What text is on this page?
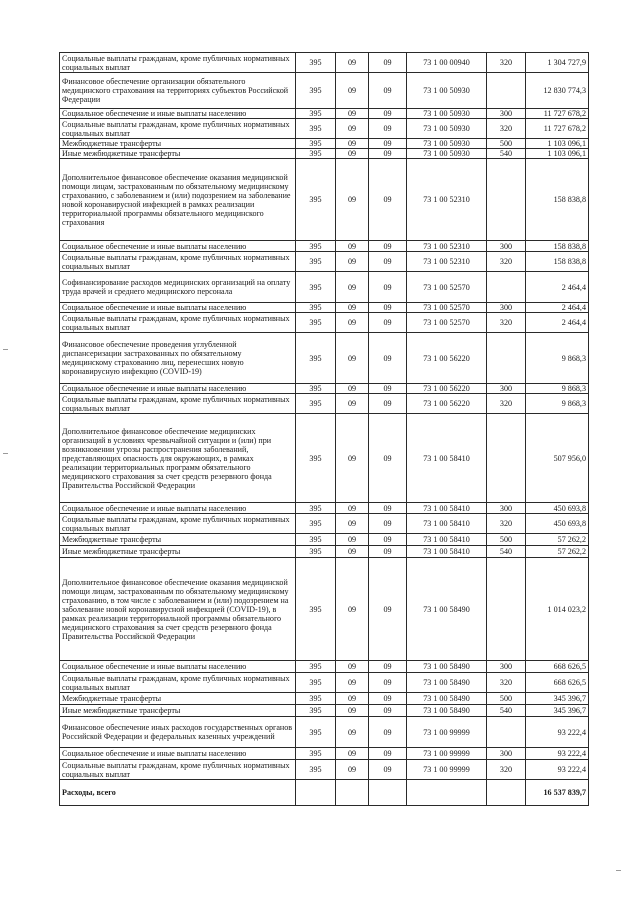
Социальные выплаты гражданам, кроме публичных нормативных социальных выплат	395	09	09	73 1 00 00940	320	1 304 727,9
Финансовое обеспечение организации обязательного медицинского страхования на территориях субъектов Российской Федерации	395	09	09	73 1 00 50930		12 830 774,3
Социальное обеспечение и иные выплаты населению	395	09	09	73 1 00 50930	300	11 727 678,2
Социальные выплаты гражданам, кроме публичных нормативных социальных выплат	395	09	09	73 1 00 50930	320	11 727 678,2
Межбюджетные трансферты	395	09	09	73 1 00 50930	500	1 103 096,1
Иные межбюджетные трансферты	395	09	09	73 1 00 50930	540	1 103 096,1
Дополнительное финансовое обеспечение оказания медицинской помощи лицам, застрахованным по обязательному медицинскому страхованию, с заболеванием и (или) подозрением на заболевание новой коронавирусной инфекцией в рамках реализации территориальной программы обязательного медицинского страхования	395	09	09	73 1 00 52310		158 838,8
Социальное обеспечение и иные выплаты населению	395	09	09	73 1 00 52310	300	158 838,8
Социальные выплаты гражданам, кроме публичных нормативных социальных выплат	395	09	09	73 1 00 52310	320	158 838,8
Софинансирование расходов медицинских организаций на оплату труда врачей и среднего медицинского персонала	395	09	09	73 1 00 52570		2 464,4
Социальное обеспечение и иные выплаты населению	395	09	09	73 1 00 52570	300	2 464,4
Социальные выплаты гражданам, кроме публичных нормативных социальных выплат	395	09	09	73 1 00 52570	320	2 464,4
Финансовое обеспечение проведения углубленной диспансеризации застрахованных по обязательному медицинскому страхованию лиц, перенесших новую коронавирусную инфекцию (COVID-19)	395	09	09	73 1 00 56220		9 868,3
Социальное обеспечение и иные выплаты населению	395	09	09	73 1 00 56220	300	9 868,3
Социальные выплаты гражданам, кроме публичных нормативных социальных выплат	395	09	09	73 1 00 56220	320	9 868,3
Дополнительное финансовое обеспечение медицинских организаций в условиях чрезвычайной ситуации и (или) при возникновении угрозы распространения заболеваний, представляющих опасность для окружающих, в рамках реализации территориальных программ обязательного медицинского страхования за счет средств резервного фонда Правительства Российской Федерации	395	09	09	73 1 00 58410		507 956,0
Социальное обеспечение и иные выплаты населению	395	09	09	73 1 00 58410	300	450 693,8
Социальные выплаты гражданам, кроме публичных нормативных социальных выплат	395	09	09	73 1 00 58410	320	450 693,8
Межбюджетные трансферты	395	09	09	73 1 00 58410	500	57 262,2
Иные межбюджетные трансферты	395	09	09	73 1 00 58410	540	57 262,2
Дополнительное финансовое обеспечение оказания медицинской помощи лицам, застрахованным по обязательному медицинскому страхованию, в том числе с заболеванием и (или) подозрением на заболевание новой коронавирусной инфекцией (COVID-19), в рамках реализации территориальной программы обязательного медицинского страхования за счет средств резервного фонда Правительства Российской Федерации	395	09	09	73 1 00 58490		1 014 023,2
Социальное обеспечение и иные выплаты населению	395	09	09	73 1 00 58490	300	668 626,5
Социальные выплаты гражданам, кроме публичных нормативных социальных выплат	395	09	09	73 1 00 58490	320	668 626,5
Межбюджетные трансферты	395	09	09	73 1 00 58490	500	345 396,7
Иные межбюджетные трансферты	395	09	09	73 1 00 58490	540	345 396,7
Финансовое обеспечение иных расходов государственных органов Российской Федерации и федеральных казенных учреждений	395	09	09	73 1 00 99999		93 222,4
Социальное обеспечение и иные выплаты населению	395	09	09	73 1 00 99999	300	93 222,4
Социальные выплаты гражданам, кроме публичных нормативных социальных выплат	395	09	09	73 1 00 99999	320	93 222,4
Расходы, всего						16 537 839,7
